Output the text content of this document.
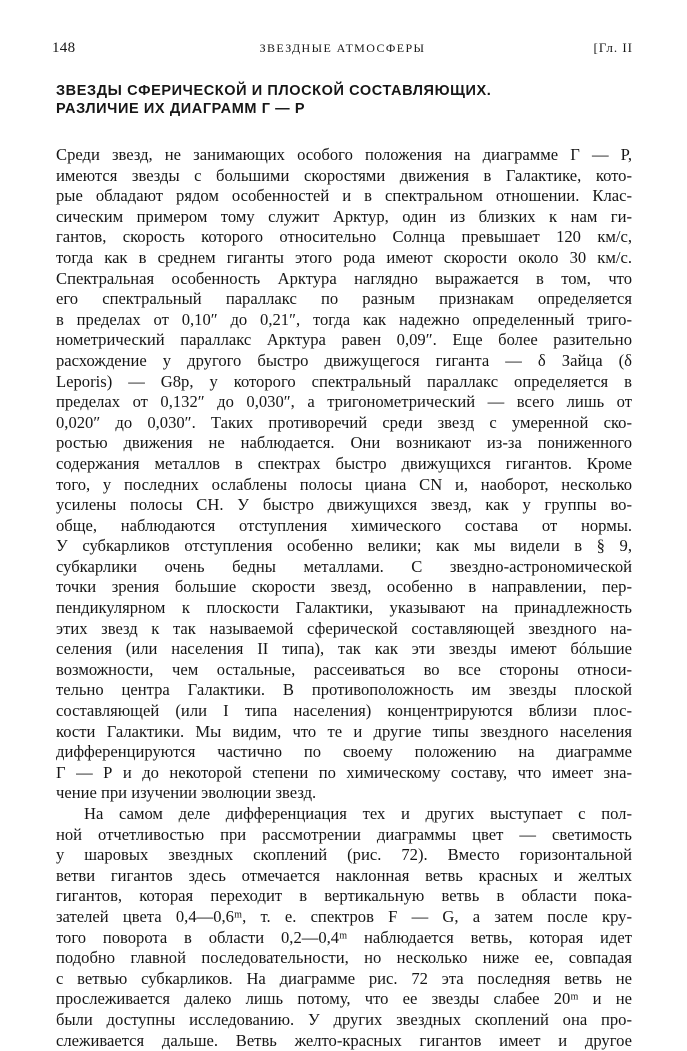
148	ЗВЕЗДНЫЕ АТМОСФЕРЫ	[Гл. II
ЗВЕЗДЫ СФЕРИЧЕСКОЙ И ПЛОСКОЙ СОСТАВЛЯЮЩИХ.
РАЗЛИЧИЕ ИХ ДИАГРАММ Г — Р
Среди звезд, не занимающих особого положения на диаграмме Г — Р,
имеются звезды с большими скоростями движения в Галактике, кото-
рые обладают рядом особенностей и в спектральном отношении. Клас-
сическим примером тому служит Арктур, один из близких к нам ги-
гантов, скорость которого относительно Солнца превышает 120 км/с,
тогда как в среднем гиганты этого рода имеют скорости около 30 км/с.
Спектральная особенность Арктура наглядно выражается в том, что
его спектральный параллакс по разным признакам определяется
в пределах от 0,10″ до 0,21″, тогда как надежно определенный триго-
нометрический параллакс Арктура равен 0,09″. Еще более разительно
расхождение у другого быстро движущегося гиганта — δ Зайца (δ
Leporis) — G8p, у которого спектральный параллакс определяется в
пределах от 0,132″ до 0,030″, а тригонометрический — всего лишь от
0,020″ до 0,030″. Таких противоречий среди звезд с умеренной ско-
ростью движения не наблюдается. Они возникают из-за пониженного
содержания металлов в спектрах быстро движущихся гигантов. Кроме
того, у последних ослаблены полосы циана CN и, наоборот, несколько
усилены полосы CH. У быстро движущихся звезд, как у группы во-
обще, наблюдаются отступления химического состава от нормы.
У субкарликов отступления особенно велики; как мы видели в § 9,
субкарлики очень бедны металлами. С звездно-астрономической
точки зрения большие скорости звезд, особенно в направлении, пер-
пендикулярном к плоскости Галактики, указывают на принадлежность
этих звезд к так называемой сферической составляющей звездного на-
селения (или населения II типа), так как эти звезды имеют бóльшие
возможности, чем остальные, рассеиваться во все стороны относи-
тельно центра Галактики. В противоположность им звезды плоской
составляющей (или I типа населения) концентрируются вблизи плос-
кости Галактики. Мы видим, что те и другие типы звездного населения
дифференцируются частично по своему положению на диаграмме
Г — Р и до некоторой степени по химическому составу, что имеет зна-
чение при изучении эволюции звезд.
На самом деле дифференциация тех и других выступает с пол-
ной отчетливостью при рассмотрении диаграммы цвет — светимость
у шаровых звездных скоплений (рис. 72). Вместо горизонтальной
ветви гигантов здесь отмечается наклонная ветвь красных и желтых
гигантов, которая переходит в вертикальную ветвь в области пока-
зателей цвета 0,4—0,6ᵐ, т. е. спектров F — G, а затем после кру-
того поворота в области 0,2—0,4ᵐ наблюдается ветвь, которая идет
подобно главной последовательности, но несколько ниже ее, совпадая
с ветвью субкарликов. На диаграмме рис. 72 эта последняя ветвь не
прослеживается далеко лишь потому, что ее звезды слабее 20ᵐ и не
были доступны исследованию. У других звездных скоплений она про-
слеживается дальше. Ветвь желто-красных гигантов имеет и другое
